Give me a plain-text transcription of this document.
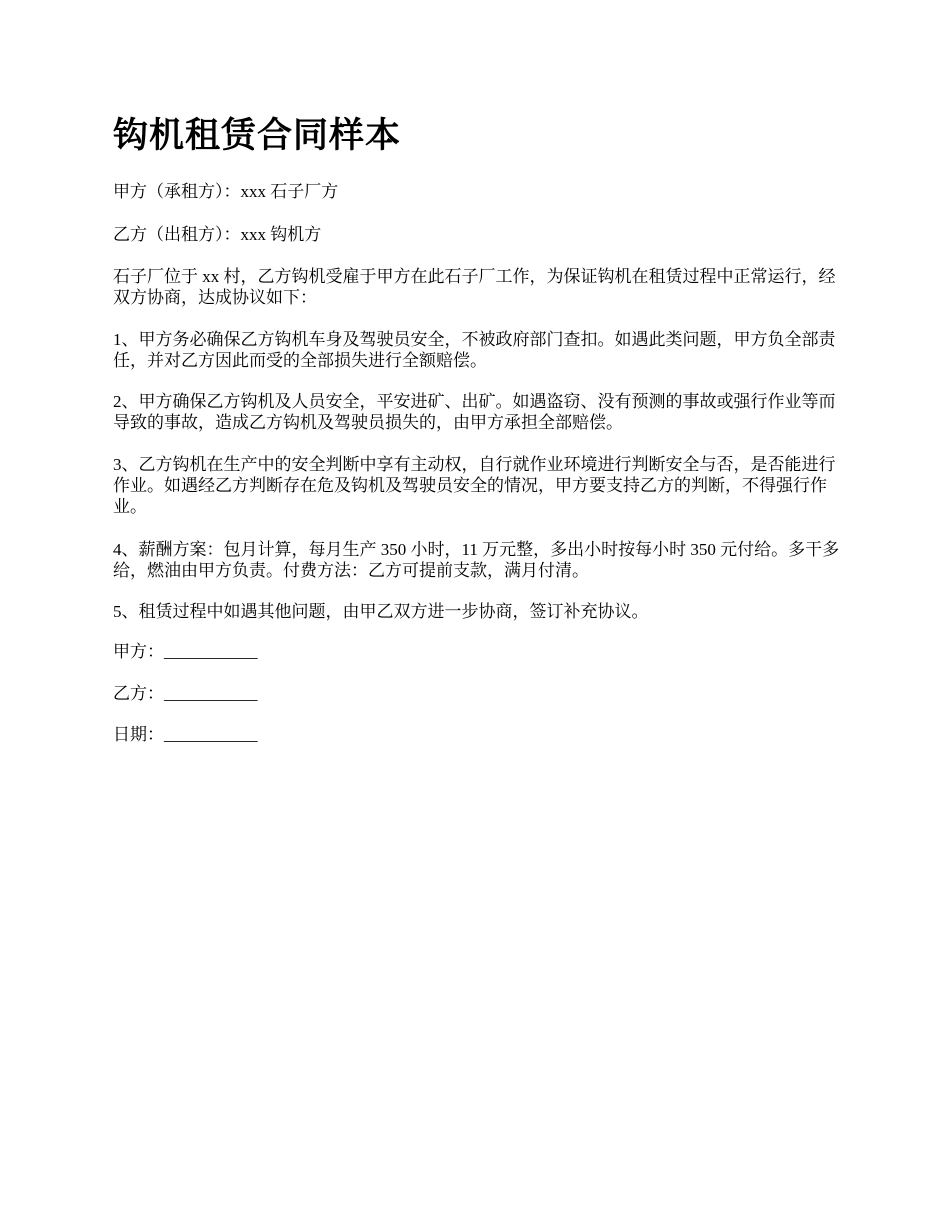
钩机租赁合同样本

甲方（承租方）：xxx 石子厂方

乙方（出租方）：xxx 钩机方

石子厂位于 xx 村，乙方钩机受雇于甲方在此石子厂工作，为保证钩机在租赁过程中正常运行，经双方协商，达成协议如下：

1、甲方务必确保乙方钩机车身及驾驶员安全，不被政府部门查扣。如遇此类问题，甲方负全部责任，并对乙方因此而受的全部损失进行全额赔偿。

2、甲方确保乙方钩机及人员安全，平安进矿、出矿。如遇盗窃、没有预测的事故或强行作业等而导致的事故，造成乙方钩机及驾驶员损失的，由甲方承担全部赔偿。

3、乙方钩机在生产中的安全判断中享有主动权，自行就作业环境进行判断安全与否，是否能进行作业。如遇经乙方判断存在危及钩机及驾驶员安全的情况，甲方要支持乙方的判断，不得强行作业。

4、薪酬方案：包月计算，每月生产 350 小时，11 万元整，多出小时按每小时 350 元付给。多干多给，燃油由甲方负责。付费方法：乙方可提前支款，满月付清。

5、租赁过程中如遇其他问题，由甲乙双方进一步协商，签订补充协议。

甲方：___________

乙方：___________

日期：___________
